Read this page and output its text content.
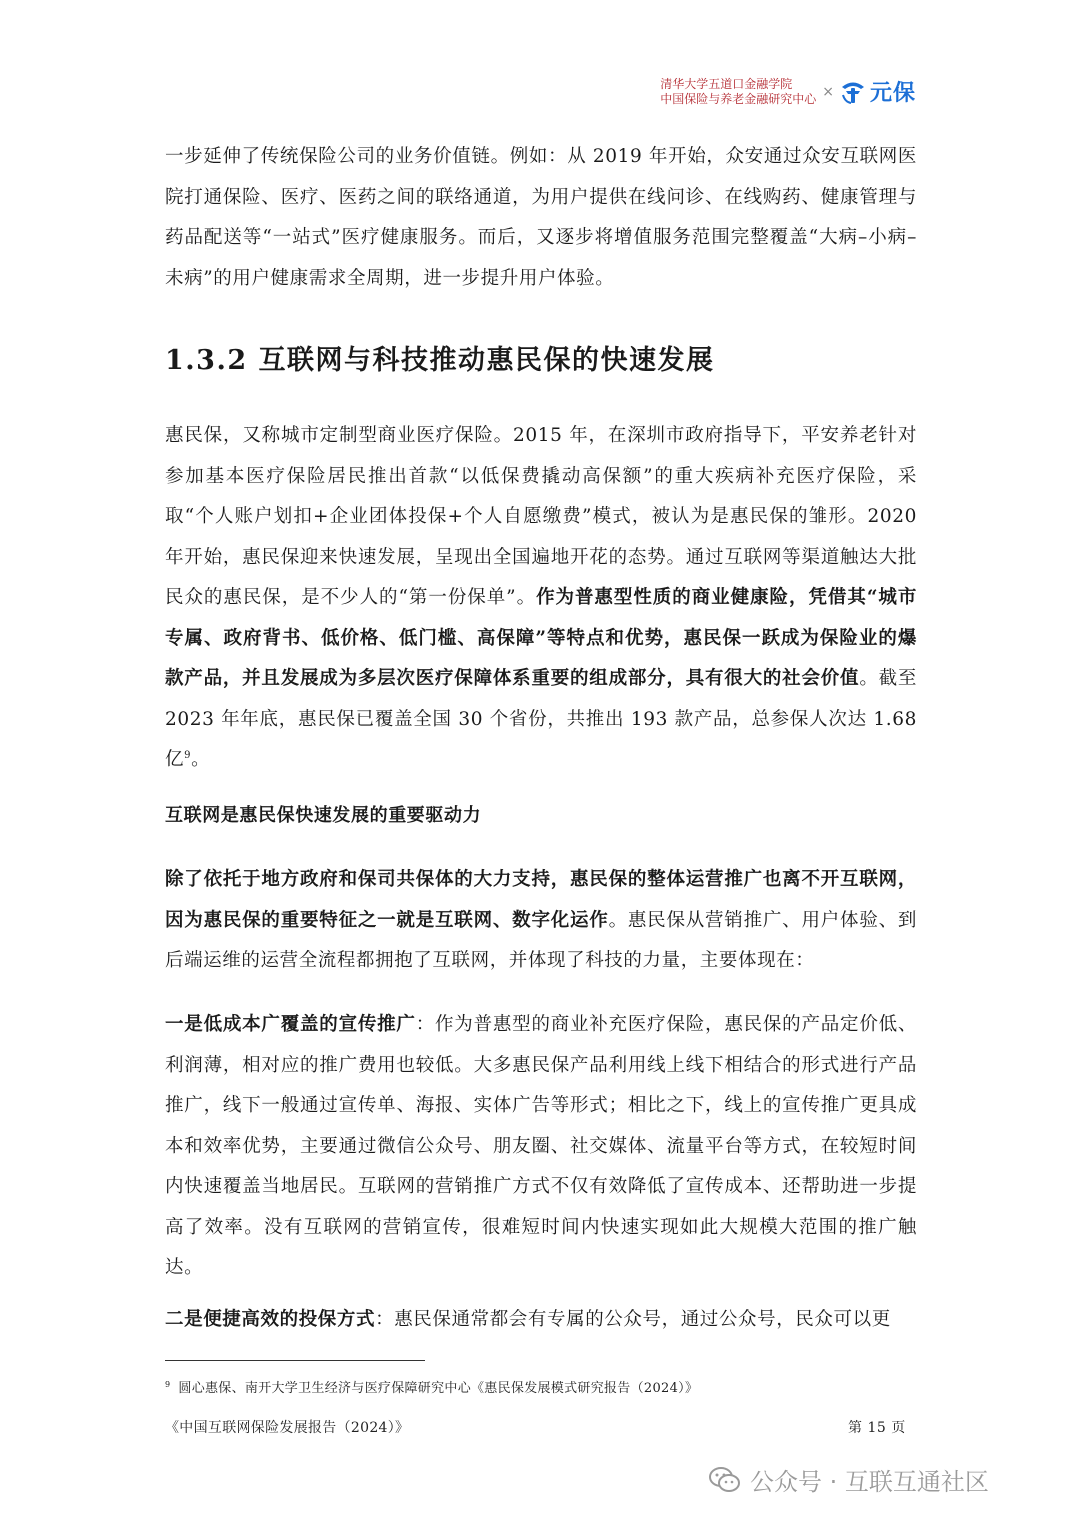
清华大学五道口金融学院
中国保险与养老金融研究中心 × 元保

一步延伸了传统保险公司的业务价值链。例如：从 2019 年开始，众安通过众安互联网医院打通保险、医疗、医药之间的联络通道，为用户提供在线问诊、在线购药、健康管理与药品配送等“一站式”医疗健康服务。而后，又逐步将增值服务范围完整覆盖“大病–小病–未病”的用户健康需求全周期，进一步提升用户体验。

1.3.2 互联网与科技推动惠民保的快速发展

惠民保，又称城市定制型商业医疗保险。2015 年，在深圳市政府指导下，平安养老针对参加基本医疗保险居民推出首款“以低保费撬动高保额”的重大疾病补充医疗保险，采取“个人账户划扣+企业团体投保+个人自愿缴费”模式，被认为是惠民保的雏形。2020 年开始，惠民保迎来快速发展，呈现出全国遍地开花的态势。通过互联网等渠道触达大批民众的惠民保，是不少人的“第一份保单”。作为普惠型性质的商业健康险，凭借其“城市专属、政府背书、低价格、低门槛、高保障”等特点和优势，惠民保一跃成为保险业的爆款产品，并且发展成为多层次医疗保障体系重要的组成部分，具有很大的社会价值。截至 2023 年年底，惠民保已覆盖全国 30 个省份，共推出 193 款产品，总参保人次达 1.68 亿$^9$。

互联网是惠民保快速发展的重要驱动力

除了依托于地方政府和保司共保体的大力支持，惠民保的整体运营推广也离不开互联网，因为惠民保的重要特征之一就是互联网、数字化运作。惠民保从营销推广、用户体验、到后端运维的运营全流程都拥抱了互联网，并体现了科技的力量，主要体现在：

一是低成本广覆盖的宣传推广：作为普惠型的商业补充医疗保险，惠民保的产品定价低、利润薄，相对应的推广费用也较低。大多惠民保产品利用线上线下相结合的形式进行产品推广，线下一般通过宣传单、海报、实体广告等形式；相比之下，线上的宣传推广更具成本和效率优势，主要通过微信公众号、朋友圈、社交媒体、流量平台等方式，在较短时间内快速覆盖当地居民。互联网的营销推广方式不仅有效降低了宣传成本、还帮助进一步提高了效率。没有互联网的营销宣传，很难短时间内快速实现如此大规模大范围的推广触达。

二是便捷高效的投保方式：惠民保通常都会有专属的公众号，通过公众号，民众可以更

$^9$ 圆心惠保、南开大学卫生经济与医疗保障研究中心《惠民保发展模式研究报告（2024）》
《中国互联网保险发展报告（2024）》	第 15 页
公众号 · 互联互通社区
